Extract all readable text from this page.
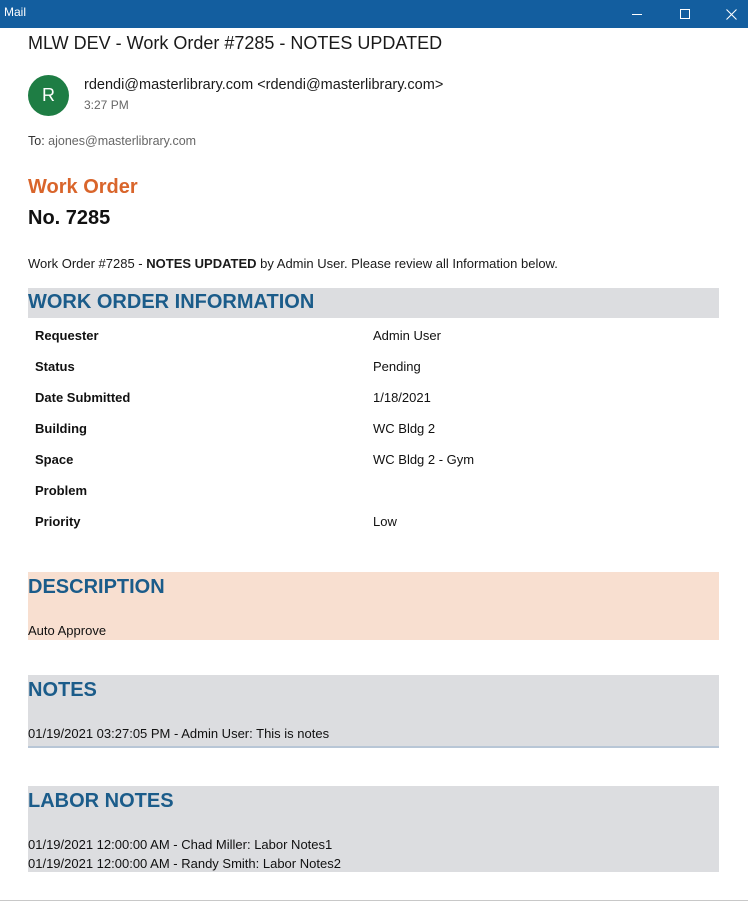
Mail
MLW DEV - Work Order #7285 - NOTES UPDATED
R	rdendi@masterlibrary.com <rdendi@masterlibrary.com>
3:27 PM
To: ajones@masterlibrary.com
Work Order
No. 7285
Work Order #7285 - NOTES UPDATED by Admin User. Please review all Information below.
WORK ORDER INFORMATION
Requester	Admin User
Status	Pending
Date Submitted	1/18/2021
Building	WC Bldg 2
Space	WC Bldg 2 - Gym
Problem
Priority	Low
DESCRIPTION
Auto Approve
NOTES
01/19/2021 03:27:05 PM - Admin User: This is notes
LABOR NOTES
01/19/2021 12:00:00 AM - Chad Miller: Labor Notes1
01/19/2021 12:00:00 AM - Randy Smith: Labor Notes2
